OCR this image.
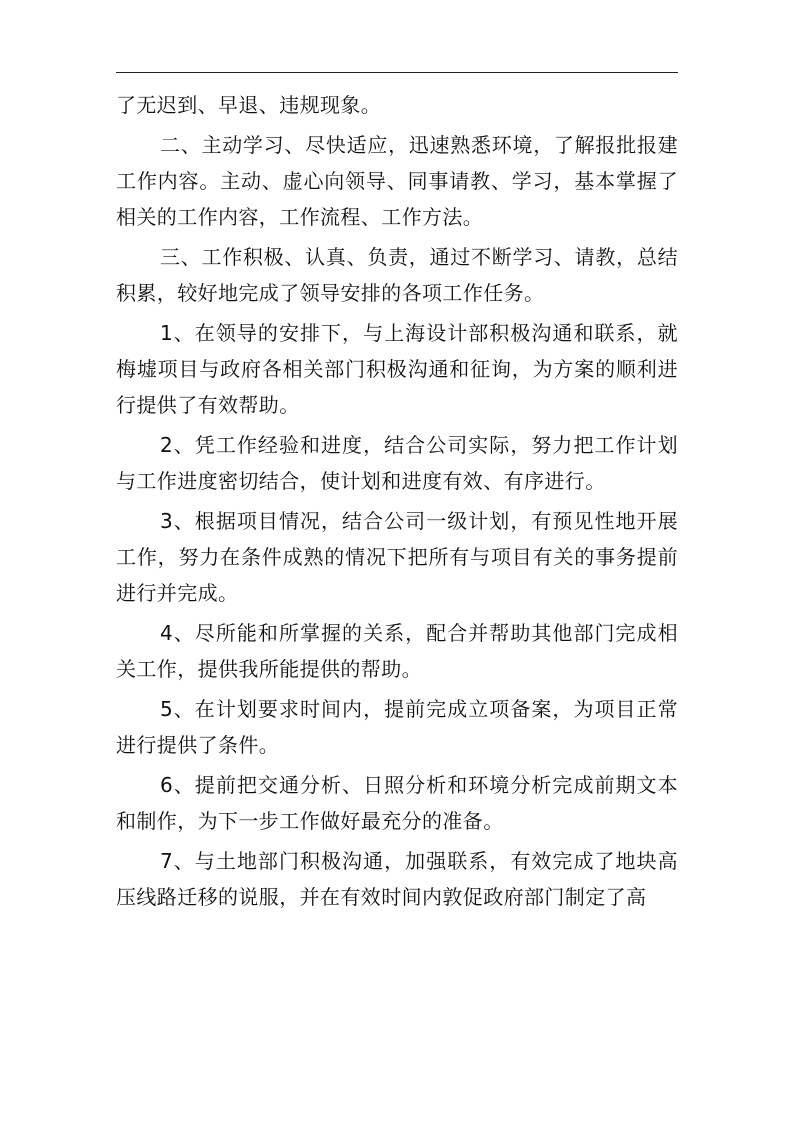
了无迟到、早退、违规现象。

二、主动学习、尽快适应，迅速熟悉环境，了解报批报建工作内容。主动、虚心向领导、同事请教、学习，基本掌握了相关的工作内容，工作流程、工作方法。

三、工作积极、认真、负责，通过不断学习、请教，总结积累，较好地完成了领导安排的各项工作任务。

1、在领导的安排下，与上海设计部积极沟通和联系，就梅墟项目与政府各相关部门积极沟通和征询，为方案的顺利进行提供了有效帮助。

2、凭工作经验和进度，结合公司实际，努力把工作计划与工作进度密切结合，使计划和进度有效、有序进行。

3、根据项目情况，结合公司一级计划，有预见性地开展工作，努力在条件成熟的情况下把所有与项目有关的事务提前进行并完成。

4、尽所能和所掌握的关系，配合并帮助其他部门完成相关工作，提供我所能提供的帮助。

5、在计划要求时间内，提前完成立项备案，为项目正常进行提供了条件。

6、提前把交通分析、日照分析和环境分析完成前期文本和制作，为下一步工作做好最充分的准备。

7、与土地部门积极沟通，加强联系，有效完成了地块高压线路迁移的说服，并在有效时间内敦促政府部门制定了高
